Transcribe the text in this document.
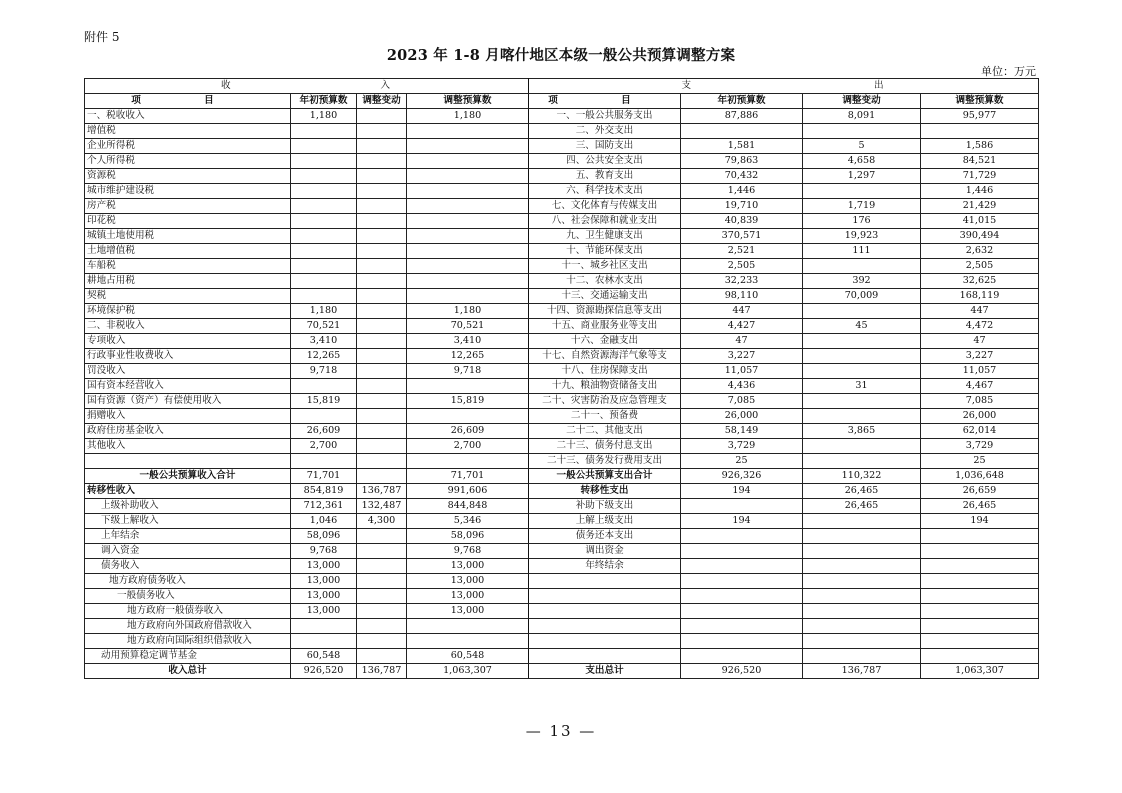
附件 5
2023 年 1-8 月喀什地区本级一般公共预算调整方案
单位：万元
收 入				支 出			

项 目	年初预算数	调整变动	调整预算数	项 目	年初预算数	调整变动	调整预算数
一、税收收入	1,180		1,180	一、一般公共服务支出	87,886	8,091	95,977
增值税				二、外交支出			
企业所得税				三、国防支出	1,581	5	1,586
个人所得税				四、公共安全支出	79,863	4,658	84,521
资源税				五、教育支出	70,432	1,297	71,729
城市维护建设税				六、科学技术支出	1,446		1,446
房产税				七、文化体育与传媒支出	19,710	1,719	21,429
印花税				八、社会保障和就业支出	40,839	176	41,015
城镇土地使用税				九、卫生健康支出	370,571	19,923	390,494
土地增值税				十、节能环保支出	2,521	111	2,632
车船税				十一、城乡社区支出	2,505		2,505
耕地占用税				十二、农林水支出	32,233	392	32,625
契税				十三、交通运输支出	98,110	70,009	168,119
环境保护税	1,180		1,180	十四、资源勘探信息等支出	447		447
二、非税收入	70,521		70,521	十五、商业服务业等支出	4,427	45	4,472
专项收入	3,410		3,410	十六、金融支出	47		47
行政事业性收费收入	12,265		12,265	十七、自然资源海洋气象等支	3,227		3,227
罚没收入	9,718		9,718	十八、住房保障支出	11,057		11,057
国有资本经营收入				十九、粮油物资储备支出	4,436	31	4,467
国有资源（资产）有偿使用收入	15,819		15,819	二十、灾害防治及应急管理支	7,085		7,085
捐赠收入				二十一、预备费	26,000		26,000
政府住房基金收入	26,609		26,609	二十二、其他支出	58,149	3,865	62,014
其他收入	2,700		2,700	二十三、债务付息支出	3,729		3,729
				二十三、债务发行费用支出	25		25
一般公共预算收入合计	71,701		71,701	一般公共预算支出合计	926,326	110,322	1,036,648
转移性收入	854,819	136,787	991,606	转移性支出	194	26,465	26,659
上级补助收入	712,361	132,487	844,848	补助下级支出		26,465	26,465
下级上解收入	1,046	4,300	5,346	上解上级支出	194		194
上年结余	58,096		58,096	债务还本支出			
调入资金	9,768		9,768	调出资金			
债务收入	13,000		13,000	年终结余			
地方政府债务收入	13,000		13,000				
一般债务收入	13,000		13,000				
地方政府一般债券收入	13,000		13,000				
地方政府向外国政府借款收入							
地方政府向国际组织借款收入							
动用预算稳定调节基金	60,548		60,548				
收入总计	926,520	136,787	1,063,307	支出总计	926,520	136,787	1,063,307
— 13 —
